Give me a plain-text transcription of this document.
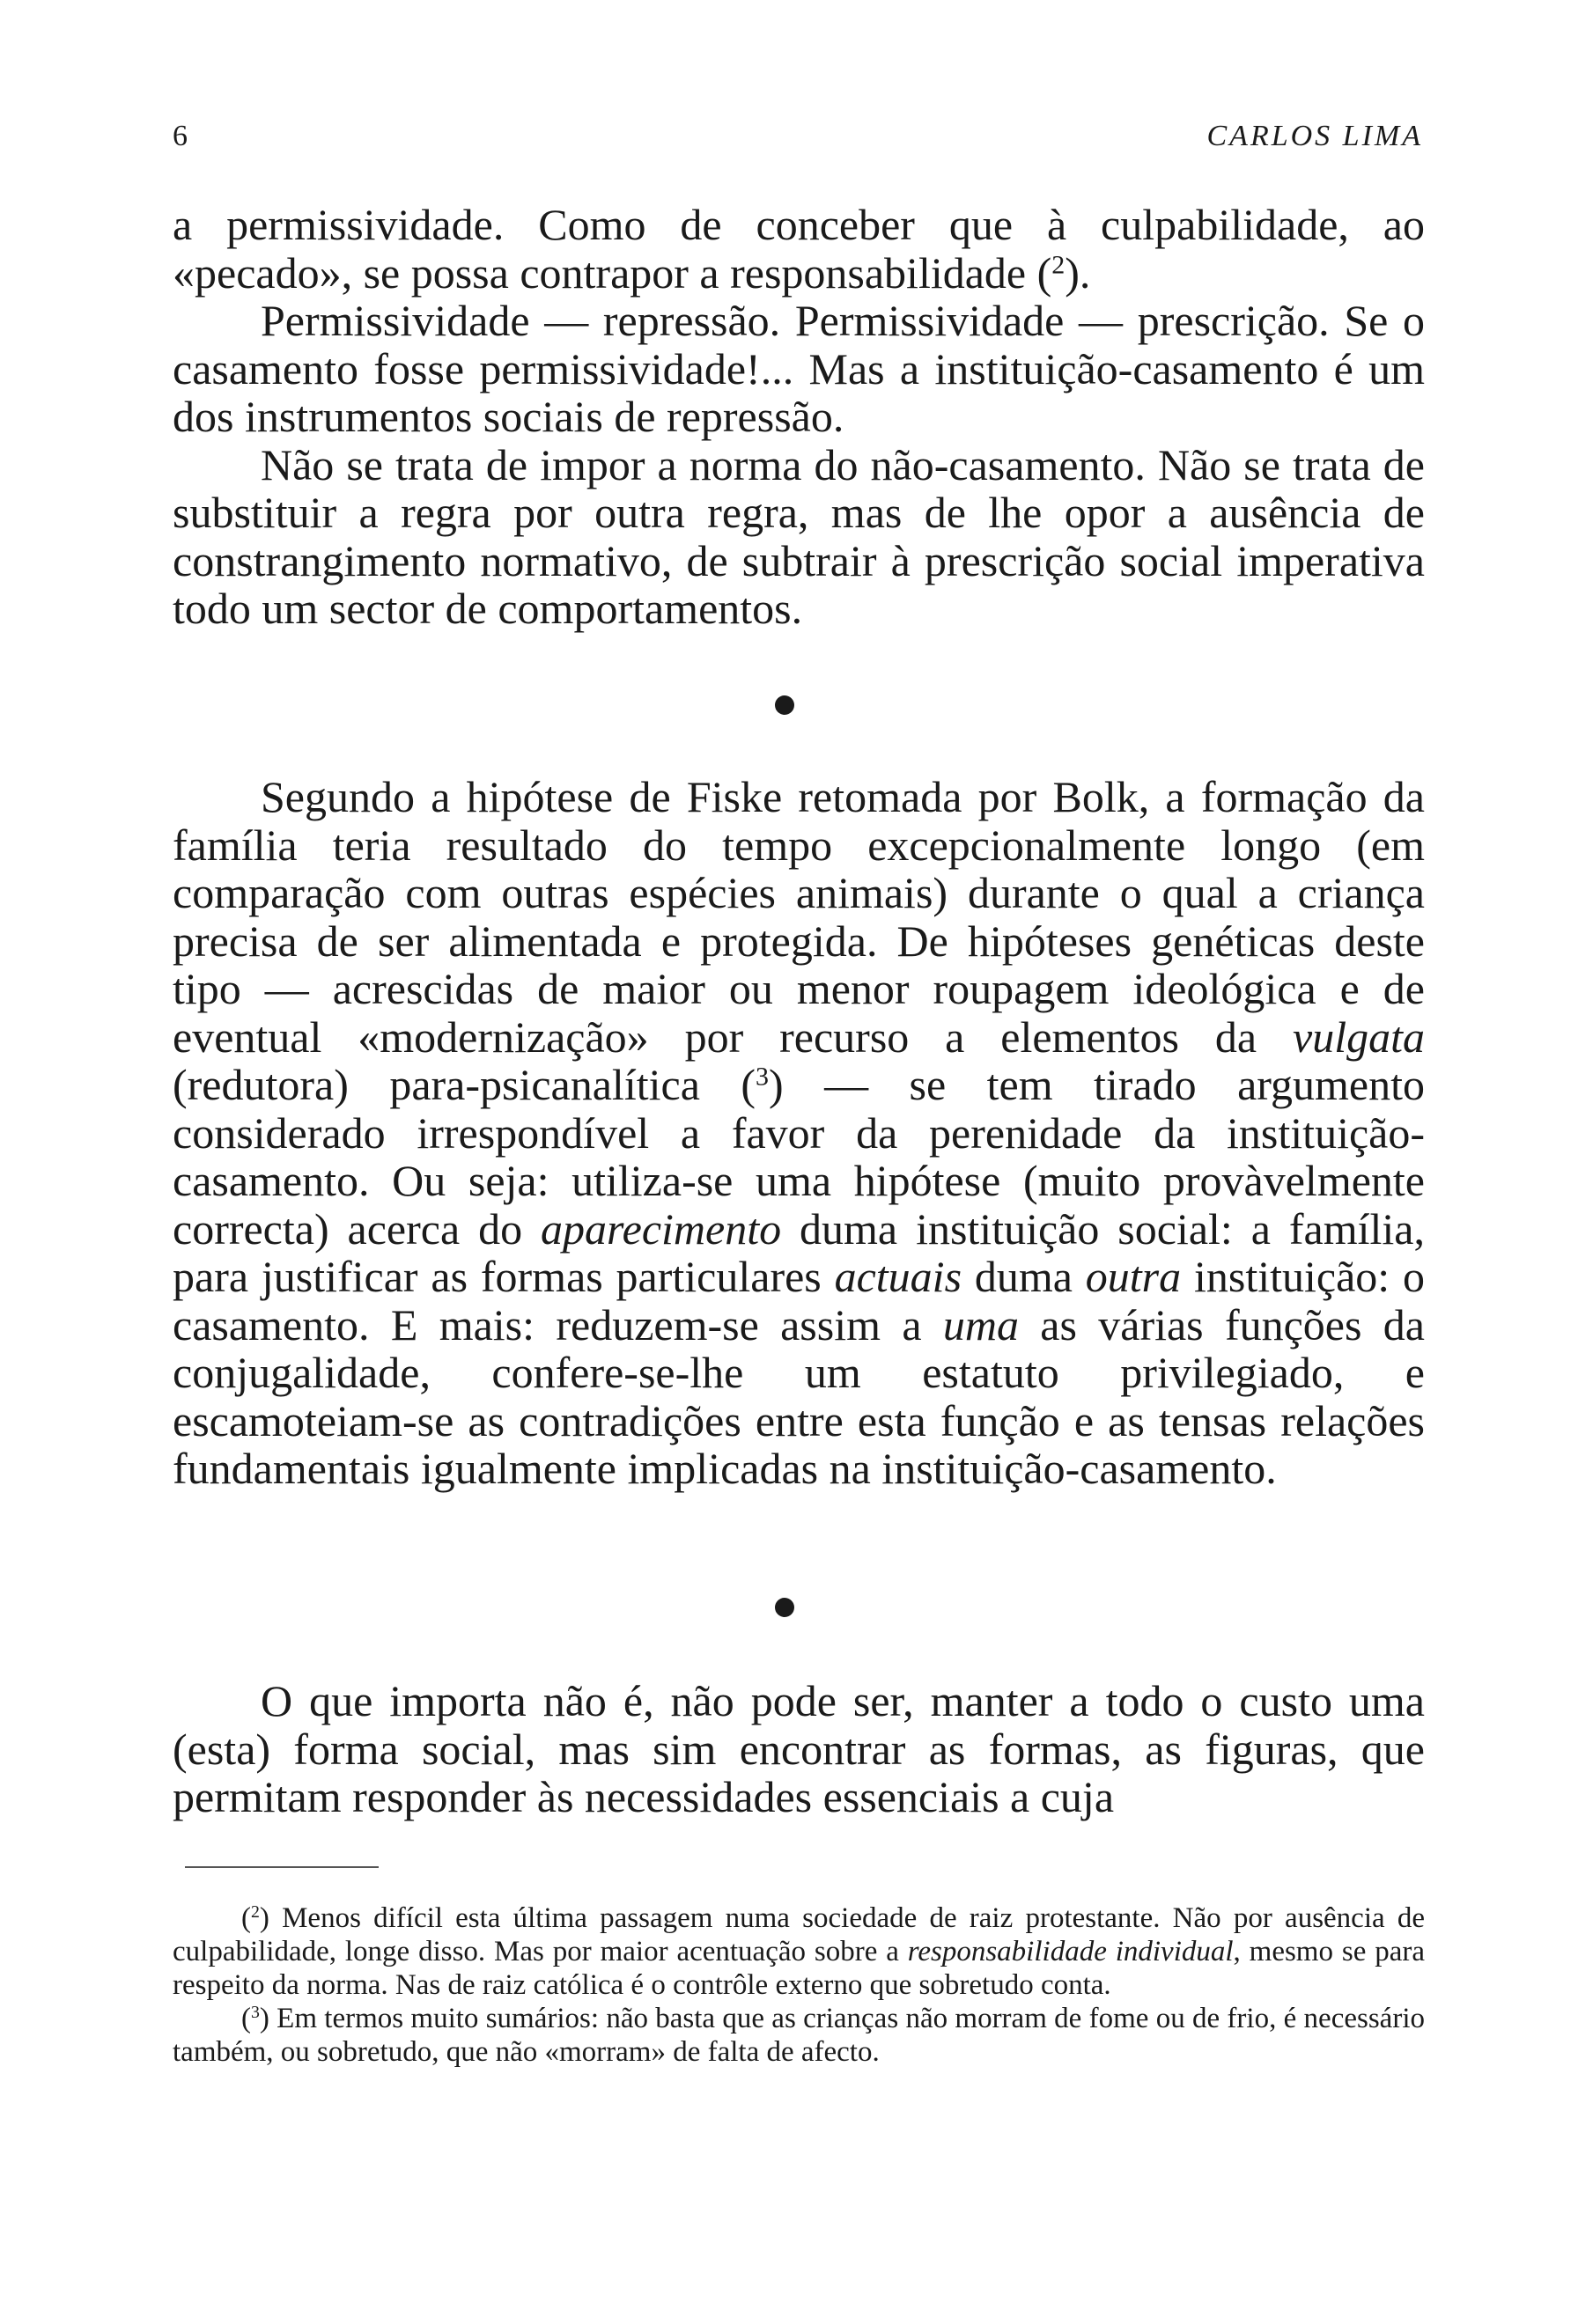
6	CARLOS LIMA

a permissividade. Como de conceber que à culpabilidade, ao «pecado», se possa contrapor a responsabilidade ($^2$).

Permissividade — repressão. Permissividade — prescrição. Se o casamento fosse permissividade!... Mas a instituição-casamento é um dos instrumentos sociais de repressão.

Não se trata de impor a norma do não-casamento. Não se trata de substituir a regra por outra regra, mas de lhe opor a ausência de constrangimento normativo, de subtrair à prescrição social imperativa todo um sector de comportamentos.

Segundo a hipótese de Fiske retomada por Bolk, a formação da família teria resultado do tempo excepcionalmente longo (em comparação com outras espécies animais) durante o qual a criança precisa de ser alimentada e protegida. De hipóteses genéticas deste tipo — acrescidas de maior ou menor roupagem ideológica e de eventual «modernização» por recurso a elementos da vulgata (redutora) para-psicanalítica ($^3$) — se tem tirado argumento considerado irrespondível a favor da perenidade da instituição-casamento. Ou seja: utiliza-se uma hipótese (muito provàvelmente correcta) acerca do aparecimento duma instituição social: a família, para justificar as formas particulares actuais duma outra instituição: o casamento. E mais: reduzem-se assim a uma as várias funções da conjugalidade, confere-se-lhe um estatuto privilegiado, e escamoteiam-se as contradições entre esta função e as tensas relações fundamentais igualmente implicadas na instituição-casamento.

O que importa não é, não pode ser, manter a todo o custo uma (esta) forma social, mas sim encontrar as formas, as figuras, que permitam responder às necessidades essenciais a cuja

($^2$) Menos difícil esta última passagem numa sociedade de raiz protestante. Não por ausência de culpabilidade, longe disso. Mas por maior acentuação sobre a responsabilidade individual, mesmo se para respeito da norma. Nas de raiz católica é o contrôle externo que sobretudo conta.

($^3$) Em termos muito sumários: não basta que as crianças não morram de fome ou de frio, é necessário também, ou sobretudo, que não «morram» de falta de afecto.
